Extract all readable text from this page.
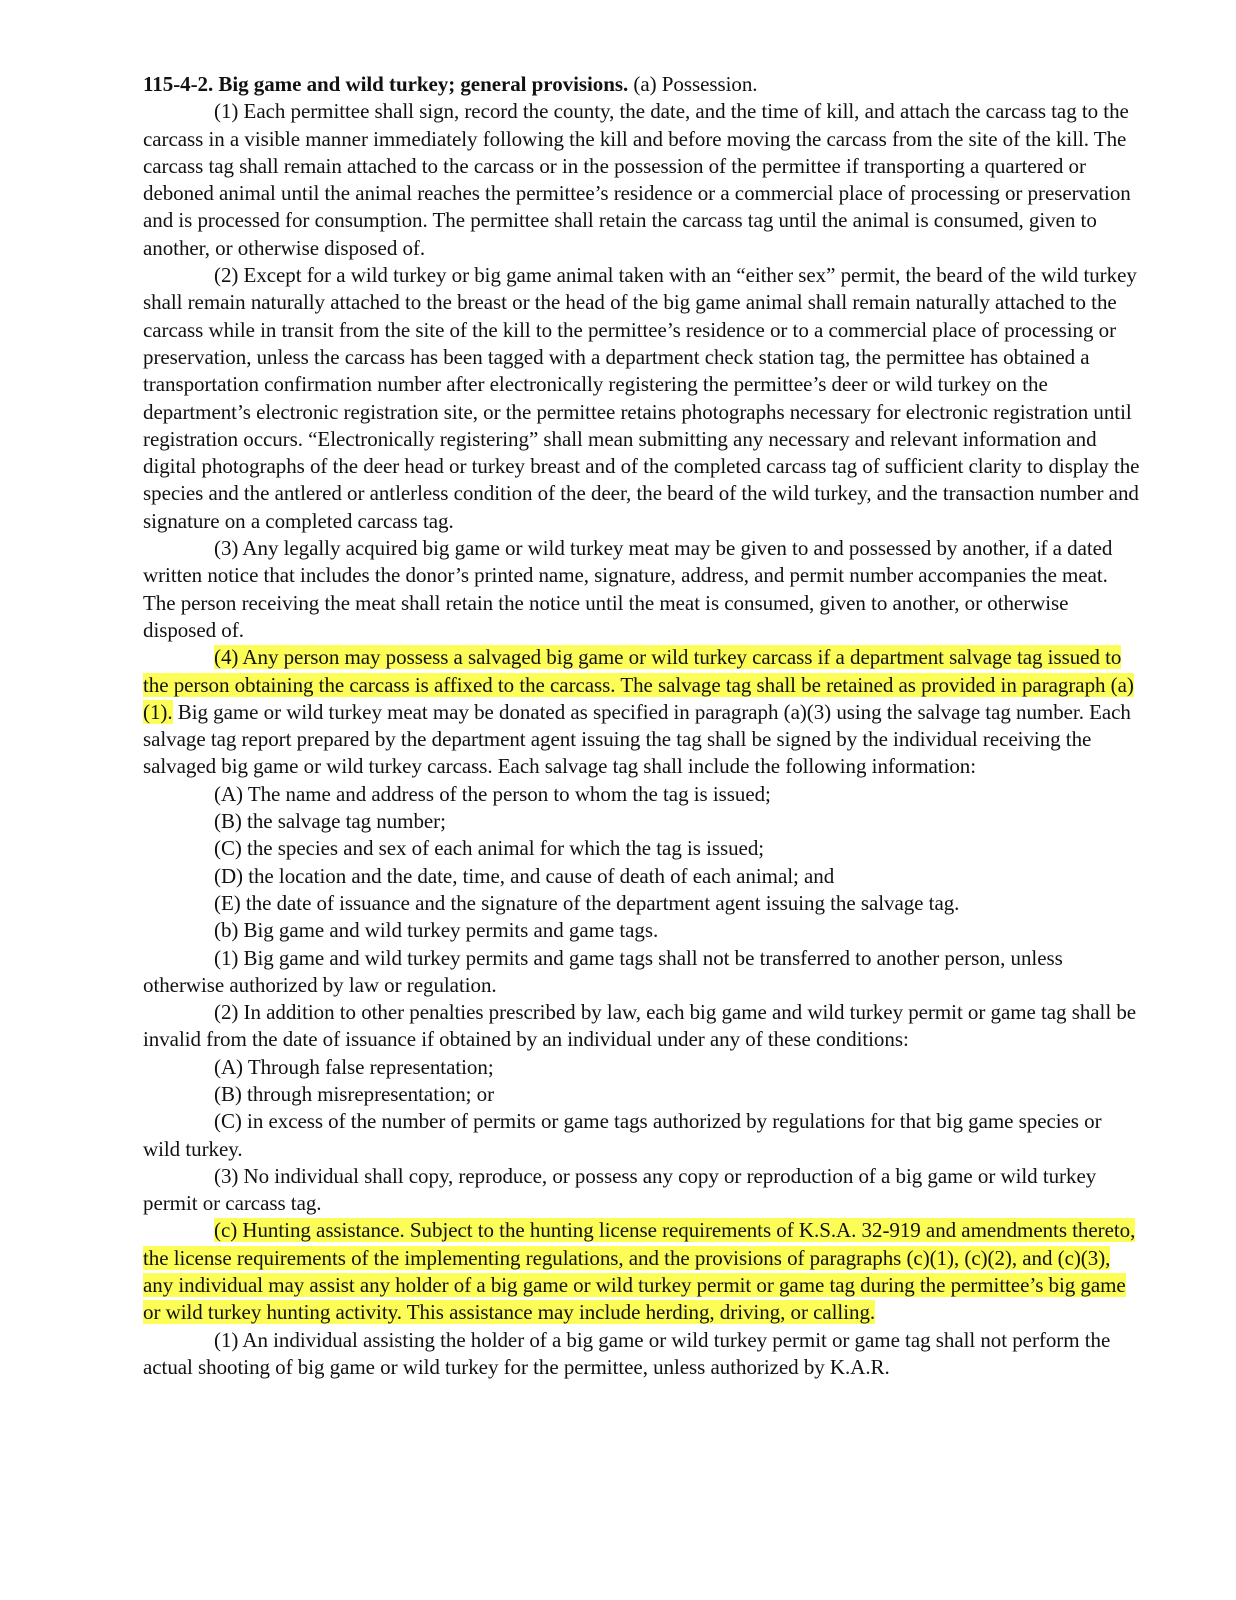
115-4-2. Big game and wild turkey; general provisions. (a) Possession.

(1) Each permittee shall sign, record the county, the date, and the time of kill, and attach the carcass tag to the carcass in a visible manner immediately following the kill and before moving the carcass from the site of the kill. The carcass tag shall remain attached to the carcass or in the possession of the permittee if transporting a quartered or deboned animal until the animal reaches the permittee’s residence or a commercial place of processing or preservation and is processed for consumption. The permittee shall retain the carcass tag until the animal is consumed, given to another, or otherwise disposed of.

(2) Except for a wild turkey or big game animal taken with an “either sex” permit, the beard of the wild turkey shall remain naturally attached to the breast or the head of the big game animal shall remain naturally attached to the carcass while in transit from the site of the kill to the permittee’s residence or to a commercial place of processing or preservation, unless the carcass has been tagged with a department check station tag, the permittee has obtained a transportation confirmation number after electronically registering the permittee’s deer or wild turkey on the department’s electronic registration site, or the permittee retains photographs necessary for electronic registration until registration occurs. “Electronically registering” shall mean submitting any necessary and relevant information and digital photographs of the deer head or turkey breast and of the completed carcass tag of sufficient clarity to display the species and the antlered or antlerless condition of the deer, the beard of the wild turkey, and the transaction number and signature on a completed carcass tag.

(3) Any legally acquired big game or wild turkey meat may be given to and possessed by another, if a dated written notice that includes the donor’s printed name, signature, address, and permit number accompanies the meat. The person receiving the meat shall retain the notice until the meat is consumed, given to another, or otherwise disposed of.

(4) Any person may possess a salvaged big game or wild turkey carcass if a department salvage tag issued to the person obtaining the carcass is affixed to the carcass. The salvage tag shall be retained as provided in paragraph (a)(1). Big game or wild turkey meat may be donated as specified in paragraph (a)(3) using the salvage tag number. Each salvage tag report prepared by the department agent issuing the tag shall be signed by the individual receiving the salvaged big game or wild turkey carcass. Each salvage tag shall include the following information:

(A) The name and address of the person to whom the tag is issued;

(B) the salvage tag number;

(C) the species and sex of each animal for which the tag is issued;

(D) the location and the date, time, and cause of death of each animal; and

(E) the date of issuance and the signature of the department agent issuing the salvage tag.

(b) Big game and wild turkey permits and game tags.

(1) Big game and wild turkey permits and game tags shall not be transferred to another person, unless otherwise authorized by law or regulation.

(2) In addition to other penalties prescribed by law, each big game and wild turkey permit or game tag shall be invalid from the date of issuance if obtained by an individual under any of these conditions:

(A) Through false representation;

(B) through misrepresentation; or

(C) in excess of the number of permits or game tags authorized by regulations for that big game species or wild turkey.

(3) No individual shall copy, reproduce, or possess any copy or reproduction of a big game or wild turkey permit or carcass tag.

(c) Hunting assistance. Subject to the hunting license requirements of K.S.A. 32-919 and amendments thereto, the license requirements of the implementing regulations, and the provisions of paragraphs (c)(1), (c)(2), and (c)(3), any individual may assist any holder of a big game or wild turkey permit or game tag during the permittee’s big game or wild turkey hunting activity. This assistance may include herding, driving, or calling.

(1) An individual assisting the holder of a big game or wild turkey permit or game tag shall not perform the actual shooting of big game or wild turkey for the permittee, unless authorized by K.A.R.
